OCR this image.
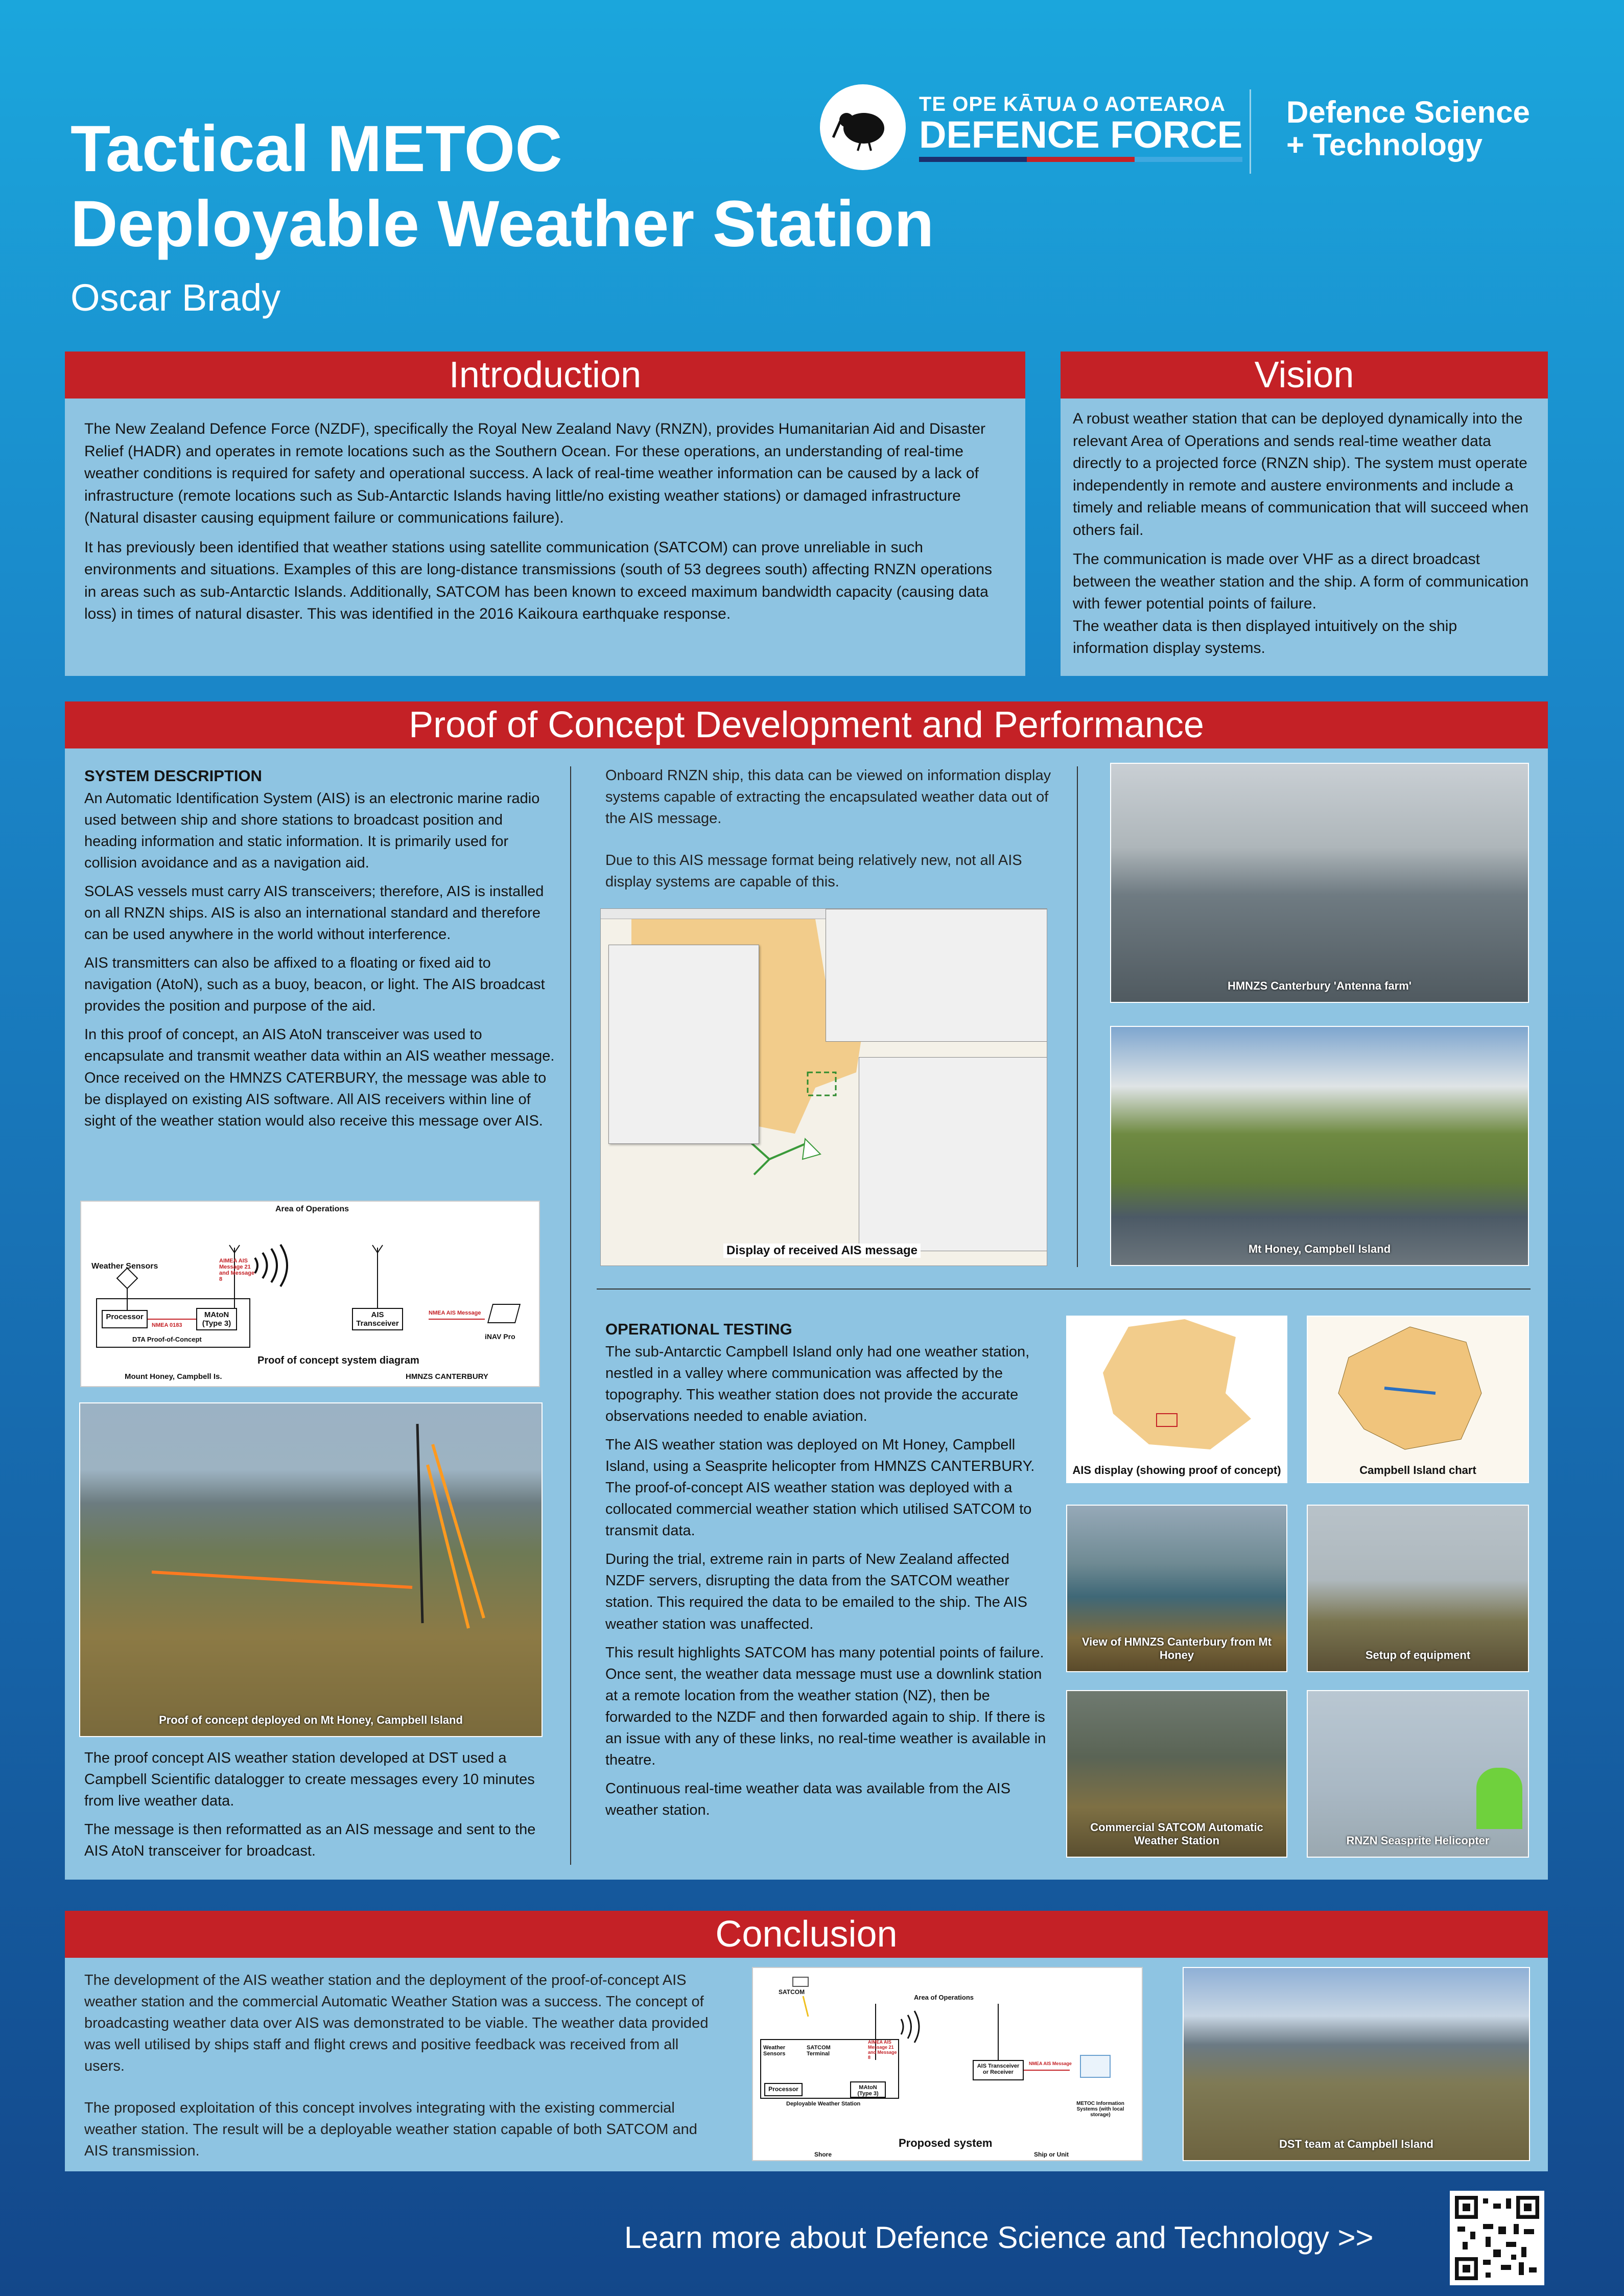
Tactical METOC
Deployable Weather Station
Oscar Brady
TE OPE KĀTUA O AOTEAROA
DEFENCE FORCE
Defence Science
+ Technology
Introduction

The New Zealand Defence Force (NZDF), specifically the Royal New Zealand Navy (RNZN), provides Humanitarian Aid and Disaster Relief (HADR) and operates in remote locations such as the Southern Ocean. For these operations, an understanding of real-time weather conditions is required for safety and operational success. A lack of real-time weather information can be caused by a lack of infrastructure (remote locations such as Sub-Antarctic Islands having little/no existing weather stations) or damaged infrastructure (Natural disaster causing equipment failure or communications failure).

It has previously been identified that weather stations using satellite communication (SATCOM) can prove unreliable in such environments and situations. Examples of this are long-distance transmissions (south of 53 degrees south) affecting RNZN operations in areas such as sub-Antarctic Islands. Additionally, SATCOM has been known to exceed maximum bandwidth capacity (causing data loss) in times of natural disaster. This was identified in the 2016 Kaikoura earthquake response.

Vision

A robust weather station that can be deployed dynamically into the relevant Area of Operations and sends real-time weather data directly to a projected force (RNZN ship). The system must operate independently in remote and austere environments and include a timely and reliable means of communication that will succeed when others fail.

The communication is made over VHF as a direct broadcast between the weather station and the ship. A form of communication with fewer potential points of failure.

The weather data is then displayed intuitively on the ship information display systems.

Proof of Concept Development and Performance
SYSTEM DESCRIPTION

An Automatic Identification System (AIS) is an electronic marine radio used between ship and shore stations to broadcast position and heading information and static information. It is primarily used for collision avoidance and as a navigation aid.

SOLAS vessels must carry AIS transceivers; therefore, AIS is installed on all RNZN ships. AIS is also an international standard and therefore can be used anywhere in the world without interference.

AIS transmitters can also be affixed to a floating or fixed aid to navigation (AtoN), such as a buoy, beacon, or light. The AIS broadcast provides the position and purpose of the aid.

In this proof of concept, an AIS AtoN transceiver was used to encapsulate and transmit weather data within an AIS weather message. Once received on the HMNZS CATERBURY, the message was able to be displayed on existing AIS software. All AIS receivers within line of sight of the weather station would also receive this message over AIS.

Area of Operations
Weather Sensors
Processor	MAtoN (Type 3)
AIS Transceiver
NMEA 0183
AIMEA AIS Message 21 and Message 8
NMEA AIS Message
DTA Proof-of-Concept	iNAV Pro
Proof of concept system diagram
Mount Honey, Campbell Is.	HMNZS CANTERBURY
Proof of concept deployed on Mt Honey, Campbell Island

The proof concept AIS weather station developed at DST used a Campbell Scientific datalogger to create messages every 10 minutes from live weather data.

The message is then reformatted as an AIS message and sent to the AIS AtoN transceiver for broadcast.

Onboard RNZN ship, this data can be viewed on information display systems capable of extracting the encapsulated weather data out of the AIS message.

Due to this AIS message format being relatively new, not all AIS display systems are capable of this.

Display of received AIS message
HMNZS Canterbury 'Antenna farm'
Mt Honey, Campbell Island
OPERATIONAL TESTING

The sub-Antarctic Campbell Island only had one weather station, nestled in a valley where communication was affected by the topography. This weather station does not provide the accurate observations needed to enable aviation.

The AIS weather station was deployed on Mt Honey, Campbell Island, using a Seasprite helicopter from HMNZS CANTERBURY. The proof-of-concept AIS weather station was deployed with a collocated commercial weather station which utilised SATCOM to transmit data.

During the trial, extreme rain in parts of New Zealand affected NZDF servers, disrupting the data from the SATCOM weather station. This required the data to be emailed to the ship. The AIS weather station was unaffected.

This result highlights SATCOM has many potential points of failure. Once sent, the weather data message must use a downlink station at a remote location from the weather station (NZ), then be forwarded to the NZDF and then forwarded again to ship. If there is an issue with any of these links, no real-time weather is available in theatre.

Continuous real-time weather data was available from the AIS weather station.

AIS display (showing proof of concept)	Campbell Island chart
View of HMNZS Canterbury from Mt Honey	Setup of equipment
Commercial SATCOM Automatic Weather Station	RNZN Seasprite Helicopter
Conclusion

The development of the AIS weather station and the deployment of the proof-of-concept AIS weather station and the commercial Automatic Weather Station was a success. The concept of broadcasting weather data over AIS was demonstrated to be viable. The weather data provided was well utilised by ships staff and flight crews and positive feedback was received from all users.

The proposed exploitation of this concept involves integrating with the existing commercial weather station. The result will be a deployable weather station capable of both SATCOM and AIS transmission.

SATCOM
Area of Operations
Weather Sensors
SATCOM Terminal
Processor	MAtoN (Type 3)
AIMEA AIS Message 21 and Message 8
AIS Transceiver or Receiver
NMEA AIS Message
METOC Information Systems (with local storage)
Deployable Weather Station
Proposed system
Shore	Ship or Unit
DST team at Campbell Island
Learn more about Defence Science and Technology >>
